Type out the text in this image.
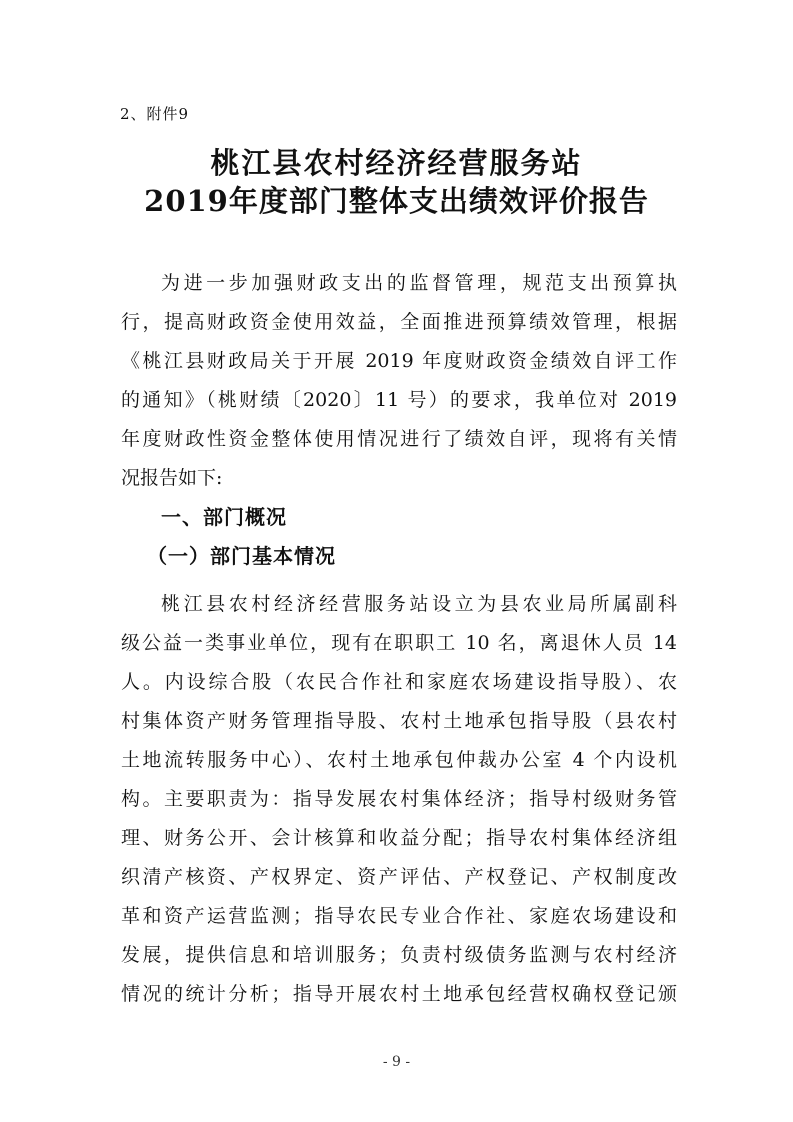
2、附件9
桃江县农村经济经营服务站
2019年度部门整体支出绩效评价报告
为进一步加强财政支出的监督管理，规范支出预算执
行，提高财政资金使用效益，全面推进预算绩效管理，根据
《桃江县财政局关于开展 2019 年度财政资金绩效自评工作
的通知》（桃财绩〔2020〕11 号）的要求，我单位对 2019
年度财政性资金整体使用情况进行了绩效自评，现将有关情
况报告如下:
一、部门概况
（一）部门基本情况
桃江县农村经济经营服务站设立为县农业局所属副科
级公益一类事业单位，现有在职职工 10 名，离退休人员 14
人。内设综合股（农民合作社和家庭农场建设指导股）、农
村集体资产财务管理指导股、农村土地承包指导股（县农村
土地流转服务中心）、农村土地承包仲裁办公室 4 个内设机
构。主要职责为：指导发展农村集体经济；指导村级财务管
理、财务公开、会计核算和收益分配；指导农村集体经济组
织清产核资、产权界定、资产评估、产权登记、产权制度改
革和资产运营监测；指导农民专业合作社、家庭农场建设和
发展，提供信息和培训服务；负责村级债务监测与农村经济
情况的统计分析；指导开展农村土地承包经营权确权登记颁
- 9 -
